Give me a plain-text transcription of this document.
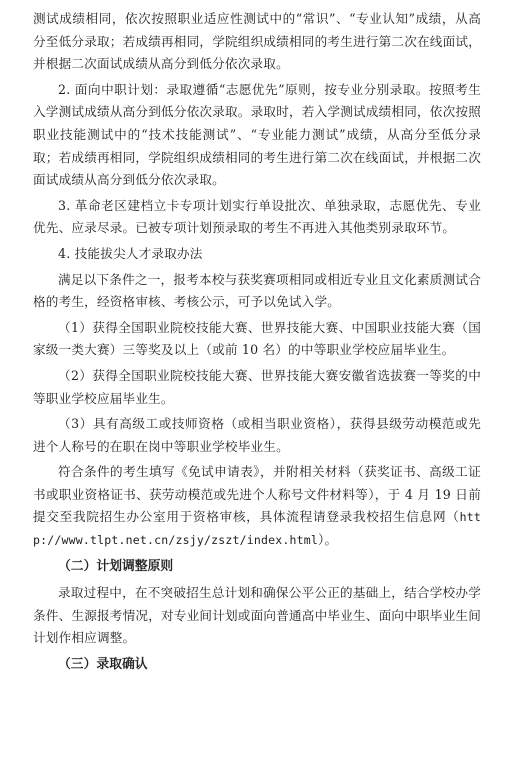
测试成绩相同，依次按照职业适应性测试中的“常识”、“专业认知”成绩，从高分至低分录取；若成绩再相同，学院组织成绩相同的考生进行第二次在线面试，并根据二次面试成绩从高分到低分依次录取。

2. 面向中职计划：录取遵循“志愿优先”原则，按专业分别录取。按照考生入学测试成绩从高分到低分依次录取。录取时，若入学测试成绩相同，依次按照职业技能测试中的“技术技能测试”、“专业能力测试”成绩，从高分至低分录取；若成绩再相同，学院组织成绩相同的考生进行第二次在线面试，并根据二次面试成绩从高分到低分依次录取。

3. 革命老区建档立卡专项计划实行单设批次、单独录取，志愿优先、专业优先、应录尽录。已被专项计划预录取的考生不再进入其他类别录取环节。

4. 技能拔尖人才录取办法

满足以下条件之一，报考本校与获奖赛项相同或相近专业且文化素质测试合格的考生，经资格审核、考核公示，可予以免试入学。

（1）获得全国职业院校技能大赛、世界技能大赛、中国职业技能大赛（国家级一类大赛）三等奖及以上（或前 10 名）的中等职业学校应届毕业生。

（2）获得全国职业院校技能大赛、世界技能大赛安徽省选拔赛一等奖的中等职业学校应届毕业生。

（3）具有高级工或技师资格（或相当职业资格），获得县级劳动模范或先进个人称号的在职在岗中等职业学校毕业生。

符合条件的考生填写《免试申请表》，并附相关材料（获奖证书、高级工证书或职业资格证书、获劳动模范或先进个人称号文件材料等），于 4 月 19 日前提交至我院招生办公室用于资格审核，具体流程请登录我校招生信息网（http://www.tlpt.net.cn/zsjy/zszt/index.html）。

（二）计划调整原则

录取过程中，在不突破招生总计划和确保公平公正的基础上，结合学校办学条件、生源报考情况，对专业间计划或面向普通高中毕业生、面向中职毕业生间计划作相应调整。

（三）录取确认
